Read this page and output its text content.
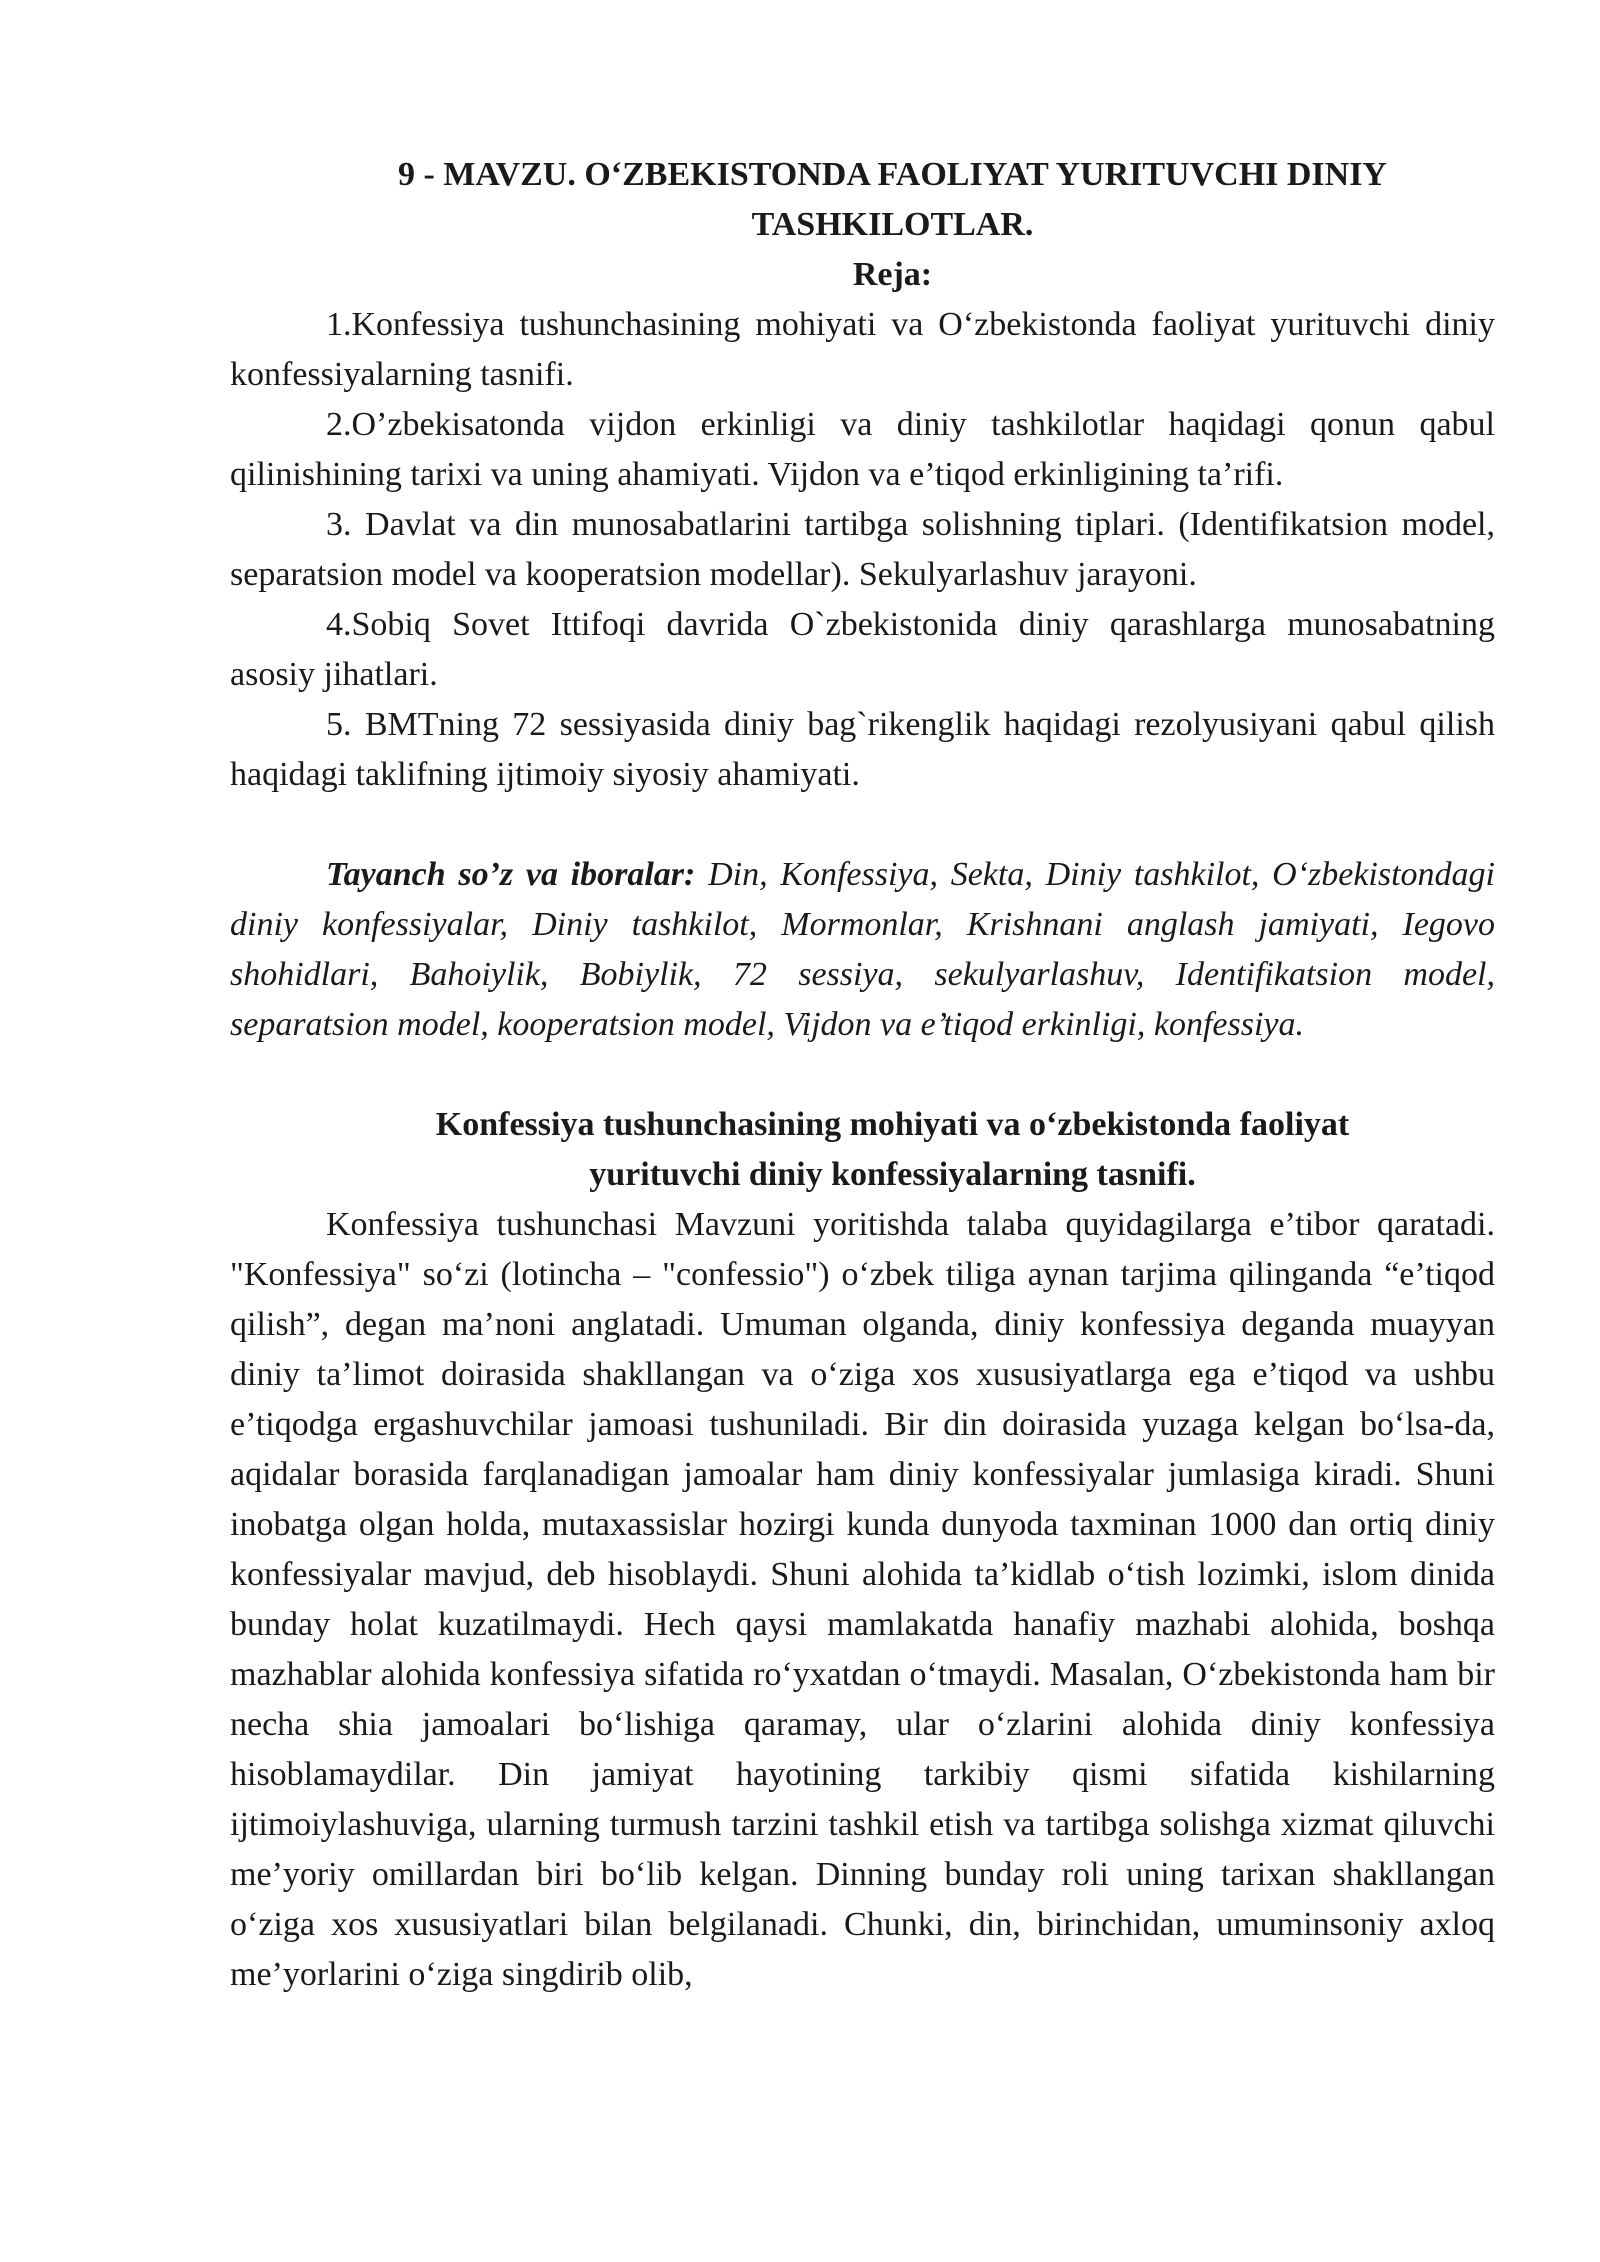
9 - MAVZU. O‘ZBEKISTONDA FAOLIYAT YURITUVCHI DINIY
TASHKILOTLAR.
Reja:

1.Konfessiya tushunchasining mohiyati va O‘zbekistonda faoliyat yurituvchi diniy konfessiyalarning tasnifi.

2.O’zbekisatonda vijdon erkinligi va diniy tashkilotlar haqidagi qonun qabul qilinishining tarixi va uning ahamiyati. Vijdon va e’tiqod erkinligining ta’rifi.

3. Davlat va din munosabatlarini tartibga solishning tiplari. (Identifikatsion model, separatsion model va kooperatsion modellar). Sekulyarlashuv jarayoni.

4.Sobiq Sovet Ittifoqi davrida O`zbekistonida diniy qarashlarga munosabatning asosiy jihatlari.

5. BMTning 72 sessiyasida diniy bag`rikenglik haqidagi rezolyusiyani qabul qilish haqidagi taklifning ijtimoiy siyosiy ahamiyati.

Tayanch so’z va iboralar: Din, Konfessiya, Sekta, Diniy tashkilot, O‘zbekistondagi diniy konfessiyalar, Diniy tashkilot, Mormonlar, Krishnani anglash jamiyati, Iegovo shohidlari, Bahoiylik, Bobiylik, 72 sessiya, sekulyarlashuv, Identifikatsion model, separatsion model, kooperatsion model, Vijdon va e’tiqod erkinligi, konfessiya.

Konfessiya tushunchasining mohiyati va o‘zbekistonda faoliyat
yurituvchi diniy konfessiyalarning tasnifi.

Konfessiya tushunchasi Mavzuni yoritishda talaba quyidagilarga e’tibor qaratadi. "Konfessiya" so‘zi (lotincha – "confessio") o‘zbek tiliga aynan tarjima qilinganda “e’tiqod qilish”, degan ma’noni anglatadi. Umuman olganda, diniy konfessiya deganda muayyan diniy ta’limot doirasida shakllangan va o‘ziga xos xususiyatlarga ega e’tiqod va ushbu e’tiqodga ergashuvchilar jamoasi tushuniladi. Bir din doirasida yuzaga kelgan bo‘lsa-da, aqidalar borasida farqlanadigan jamoalar ham diniy konfessiyalar jumlasiga kiradi. Shuni inobatga olgan holda, mutaxassislar hozirgi kunda dunyoda taxminan 1000 dan ortiq diniy konfessiyalar mavjud, deb hisoblaydi. Shuni alohida ta’kidlab o‘tish lozimki, islom dinida bunday holat kuzatilmaydi. Hech qaysi mamlakatda hanafiy mazhabi alohida, boshqa mazhablar alohida konfessiya sifatida ro‘yxatdan o‘tmaydi. Masalan, O‘zbekistonda ham bir necha shia jamoalari bo‘lishiga qaramay, ular o‘zlarini alohida diniy konfessiya hisoblamaydilar. Din jamiyat hayotining tarkibiy qismi sifatida kishilarning ijtimoiylashuviga, ularning turmush tarzini tashkil etish va tartibga solishga xizmat qiluvchi me’yoriy omillardan biri bo‘lib kelgan. Dinning bunday roli uning tarixan shakllangan o‘ziga xos xususiyatlari bilan belgilanadi. Chunki, din, birinchidan, umuminsoniy axloq me’yorlarini o‘ziga singdirib olib,
